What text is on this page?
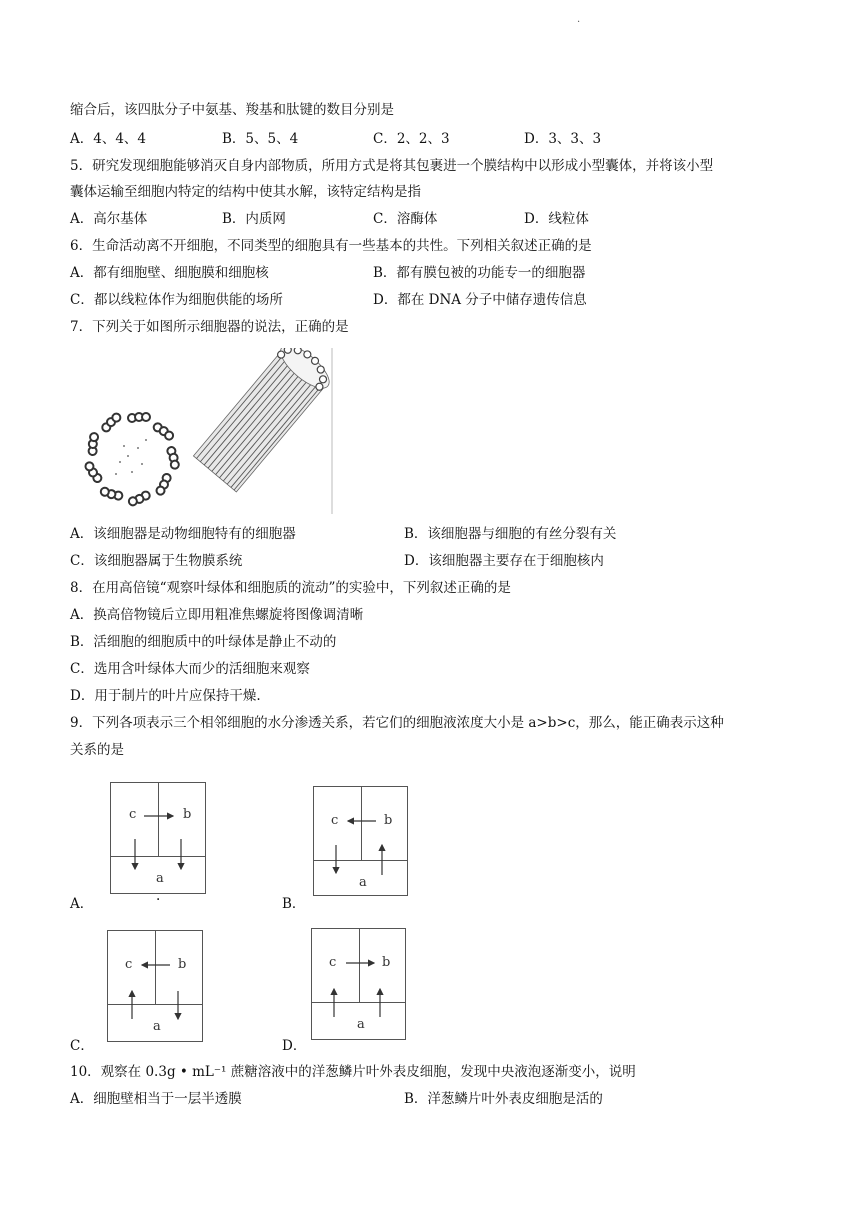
.
缩合后，该四肽分子中氨基、羧基和肽键的数目分别是
A．4、4、4	B．5、5、4	C．2、2、3	D．3、3、3
5．研究发现细胞能够消灭自身内部物质，所用方式是将其包裹进一个膜结构中以形成小型囊体，并将该小型
囊体运输至细胞内特定的结构中使其水解，该特定结构是指
A．高尔基体	B．内质网	C．溶酶体	D．线粒体
6．生命活动离不开细胞，不同类型的细胞具有一些基本的共性。下列相关叙述正确的是
A．都有细胞壁、细胞膜和细胞核	B．都有膜包被的功能专一的细胞器
C．都以线粒体作为细胞供能的场所	D．都在 DNA 分子中储存遗传信息
7．下列关于如图所示细胞器的说法，正确的是
A．该细胞器是动物细胞特有的细胞器	B．该细胞器与细胞的有丝分裂有关
C．该细胞器属于生物膜系统	D．该细胞器主要存在于细胞核内
8．在用高倍镜“观察叶绿体和细胞质的流动”的实验中，下列叙述正确的是
A．换高倍物镜后立即用粗准焦螺旋将图像调清晰
B．活细胞的细胞质中的叶绿体是静止不动的
C．选用含叶绿体大而少的活细胞来观察
D．用于制片的叶片应保持干燥.
9．下列各项表示三个相邻细胞的水分渗透关系，若它们的细胞液浓度大小是 a>b>c，那么，能正确表示这种
关系的是
c	b
a
A．	.
c	b
a
B．
c	b
a
C．
c	b
a
D．
10．观察在 0.3g • mL⁻¹ 蔗糖溶液中的洋葱鳞片叶外表皮细胞，发现中央液泡逐渐变小，说明
A．细胞壁相当于一层半透膜	B．洋葱鳞片叶外表皮细胞是活的
